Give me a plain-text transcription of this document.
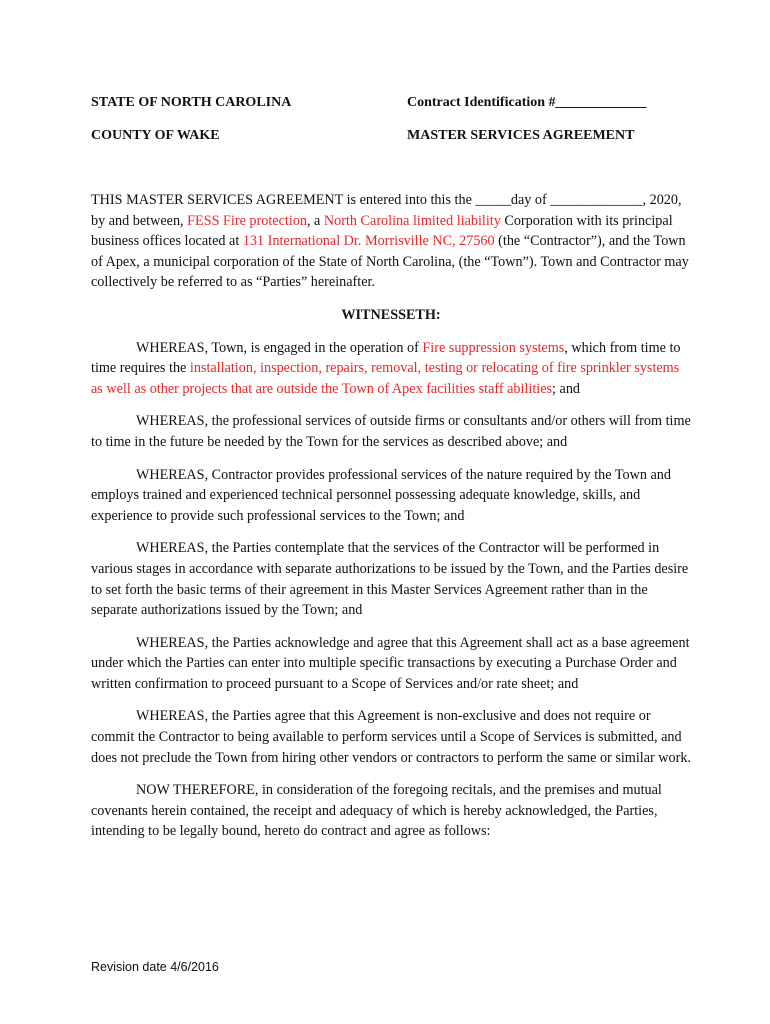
STATE OF NORTH CAROLINA	Contract Identification #_____________
COUNTY OF WAKE	MASTER SERVICES AGREEMENT

THIS MASTER SERVICES AGREEMENT is entered into this the _____day of _____________, 2020, by and between, FESS Fire protection, a North Carolina limited liability Corporation with its principal business offices located at 131 International Dr. Morrisville NC, 27560 (the “Contractor”), and the Town of Apex, a municipal corporation of the State of North Carolina, (the “Town”). Town and Contractor may collectively be referred to as “Parties” hereinafter.

WITNESSETH:

WHEREAS, Town, is engaged in the operation of Fire suppression systems, which from time to time requires the installation, inspection, repairs, removal, testing or relocating of fire sprinkler systems as well as other projects that are outside the Town of Apex facilities staff abilities; and

WHEREAS, the professional services of outside firms or consultants and/or others will from time to time in the future be needed by the Town for the services as described above; and

WHEREAS, Contractor provides professional services of the nature required by the Town and employs trained and experienced technical personnel possessing adequate knowledge, skills, and experience to provide such professional services to the Town; and

WHEREAS, the Parties contemplate that the services of the Contractor will be performed in various stages in accordance with separate authorizations to be issued by the Town, and the Parties desire to set forth the basic terms of their agreement in this Master Services Agreement rather than in the separate authorizations issued by the Town; and

WHEREAS, the Parties acknowledge and agree that this Agreement shall act as a base agreement under which the Parties can enter into multiple specific transactions by executing a Purchase Order and written confirmation to proceed pursuant to a Scope of Services and/or rate sheet; and

WHEREAS, the Parties agree that this Agreement is non-exclusive and does not require or commit the Contractor to being available to perform services until a Scope of Services is submitted, and does not preclude the Town from hiring other vendors or contractors to perform the same or similar work.

NOW THEREFORE, in consideration of the foregoing recitals, and the premises and mutual covenants herein contained, the receipt and adequacy of which is hereby acknowledged, the Parties, intending to be legally bound, hereto do contract and agree as follows:

Revision date 4/6/2016
